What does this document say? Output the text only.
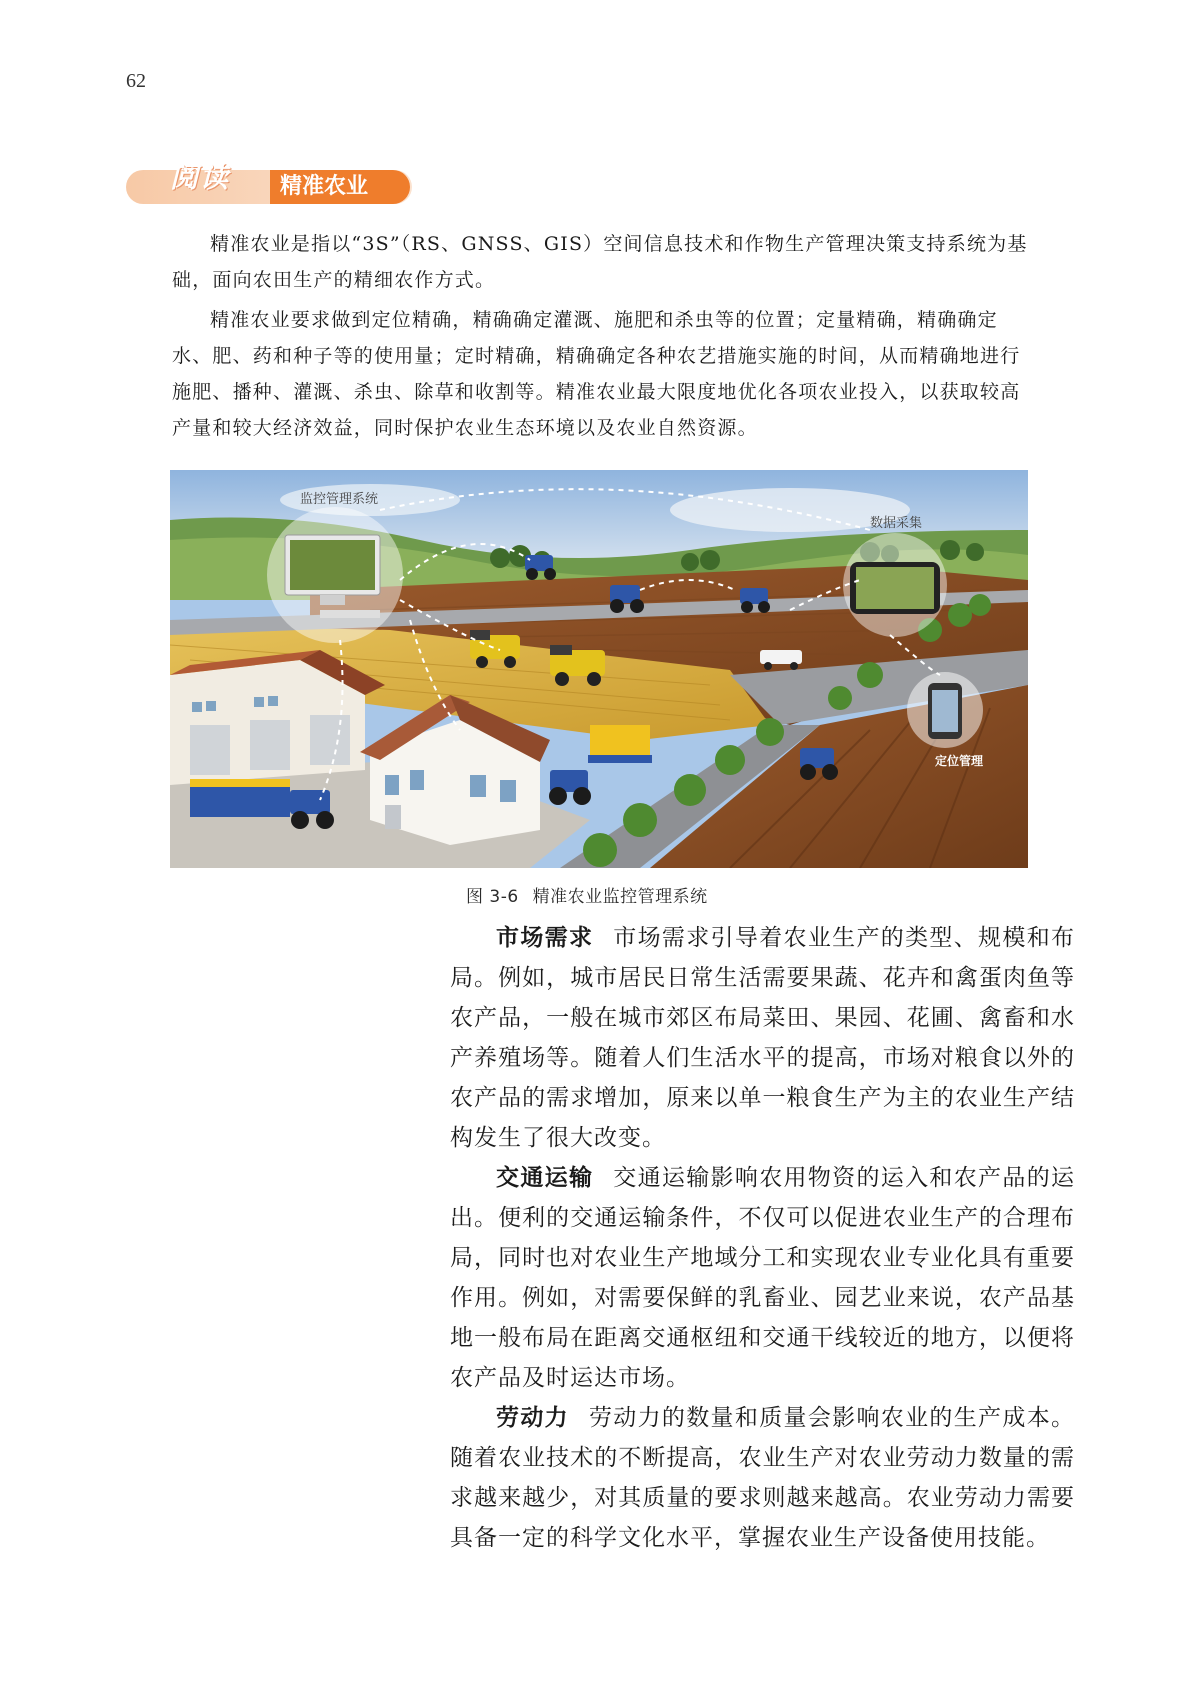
62
阅读	精准农业

精准农业是指以“3S”（RS、GNSS、GIS）空间信息技术和作物生产管理决策支持系统为基础，面向农田生产的精细农作方式。

精准农业要求做到定位精确，精确确定灌溉、施肥和杀虫等的位置；定量精确，精确确定水、肥、药和种子等的使用量；定时精确，精确确定各种农艺措施实施的时间，从而精确地进行施肥、播种、灌溉、杀虫、除草和收割等。精准农业最大限度地优化各项农业投入，以获取较高产量和较大经济效益，同时保护农业生态环境以及农业自然资源。

监控管理系统
数据采集
定位管理
图 3-6 精准农业监控管理系统

市场需求 市场需求引导着农业生产的类型、规模和布局。例如，城市居民日常生活需要果蔬、花卉和禽蛋肉鱼等农产品，一般在城市郊区布局菜田、果园、花圃、禽畜和水产养殖场等。随着人们生活水平的提高，市场对粮食以外的农产品的需求增加，原来以单一粮食生产为主的农业生产结构发生了很大改变。

交通运输 交通运输影响农用物资的运入和农产品的运出。便利的交通运输条件，不仅可以促进农业生产的合理布局，同时也对农业生产地域分工和实现农业专业化具有重要作用。例如，对需要保鲜的乳畜业、园艺业来说，农产品基地一般布局在距离交通枢纽和交通干线较近的地方，以便将农产品及时运达市场。

劳动力 劳动力的数量和质量会影响农业的生产成本。随着农业技术的不断提高，农业生产对农业劳动力数量的需求越来越少，对其质量的要求则越来越高。农业劳动力需要具备一定的科学文化水平，掌握农业生产设备使用技能。
